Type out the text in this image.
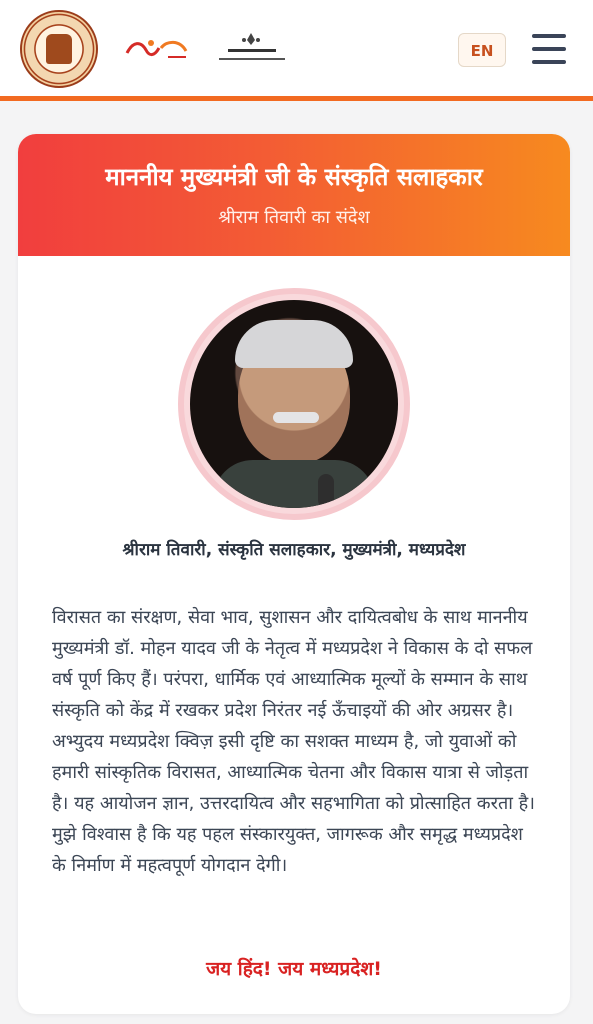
EN
माननीय मुख्यमंत्री जी के संस्कृति सलाहकार
श्रीराम तिवारी का संदेश
श्रीराम तिवारी, संस्कृति सलाहकार, मुख्यमंत्री, मध्यप्रदेश
विरासत का संरक्षण, सेवा भाव, सुशासन और दायित्वबोध के साथ माननीय मुख्यमंत्री डॉ. मोहन यादव जी के नेतृत्व में मध्यप्रदेश ने विकास के दो सफल वर्ष पूर्ण किए हैं। परंपरा, धार्मिक एवं आध्यात्मिक मूल्यों के सम्मान के साथ संस्कृति को केंद्र में रखकर प्रदेश निरंतर नई ऊँचाइयों की ओर अग्रसर है। अभ्युदय मध्यप्रदेश क्विज़ इसी दृष्टि का सशक्त माध्यम है, जो युवाओं को हमारी सांस्कृतिक विरासत, आध्यात्मिक चेतना और विकास यात्रा से जोड़ता है। यह आयोजन ज्ञान, उत्तरदायित्व और सहभागिता को प्रोत्साहित करता है। मुझे विश्वास है कि यह पहल संस्कारयुक्त, जागरूक और समृद्ध मध्यप्रदेश के निर्माण में महत्वपूर्ण योगदान देगी।
जय हिंद! जय मध्यप्रदेश!
